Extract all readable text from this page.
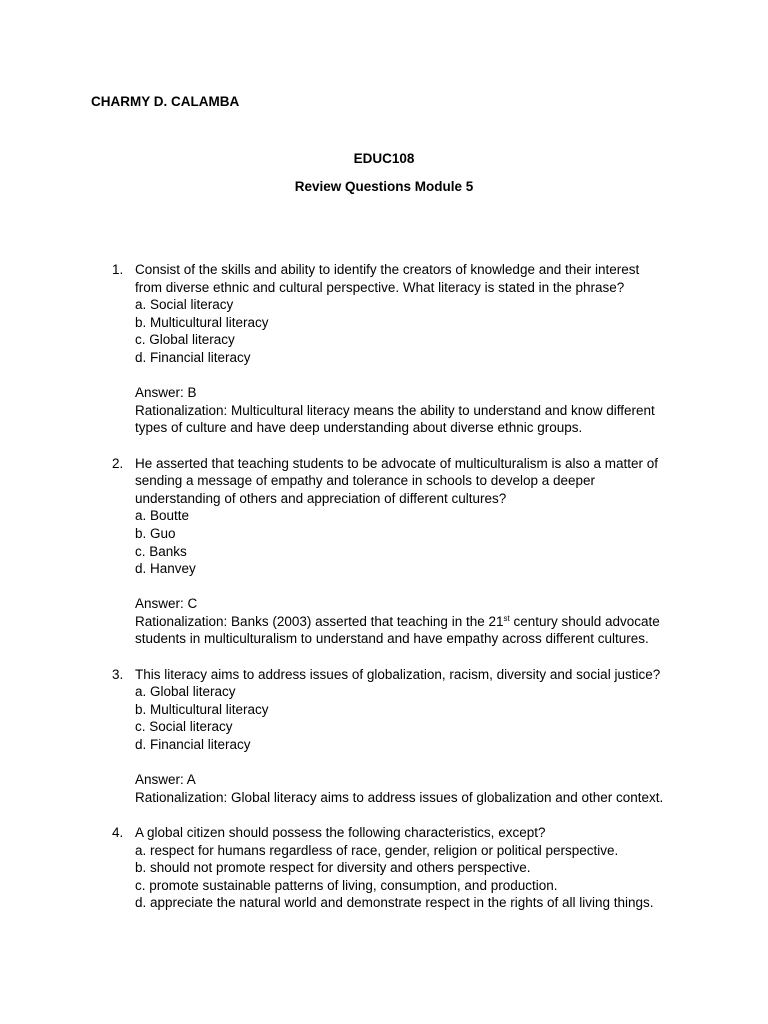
CHARMY D. CALAMBA
EDUC108
Review Questions Module 5
1. Consist of the skills and ability to identify the creators of knowledge and their interest
from diverse ethnic and cultural perspective. What literacy is stated in the phrase?
a. Social literacy
b. Multicultural literacy
c. Global literacy
d. Financial literacy
Answer: B
Rationalization: Multicultural literacy means the ability to understand and know different
types of culture and have deep understanding about diverse ethnic groups.
2. He asserted that teaching students to be advocate of multiculturalism is also a matter of
sending a message of empathy and tolerance in schools to develop a deeper
understanding of others and appreciation of different cultures?
a. Boutte
b. Guo
c. Banks
d. Hanvey
Answer: C
Rationalization: Banks (2003) asserted that teaching in the 21st century should advocate
students in multiculturalism to understand and have empathy across different cultures.
3. This literacy aims to address issues of globalization, racism, diversity and social justice?
a. Global literacy
b. Multicultural literacy
c. Social literacy
d. Financial literacy
Answer: A
Rationalization: Global literacy aims to address issues of globalization and other context.
4. A global citizen should possess the following characteristics, except?
a. respect for humans regardless of race, gender, religion or political perspective.
b. should not promote respect for diversity and others perspective.
c. promote sustainable patterns of living, consumption, and production.
d. appreciate the natural world and demonstrate respect in the rights of all living things.
